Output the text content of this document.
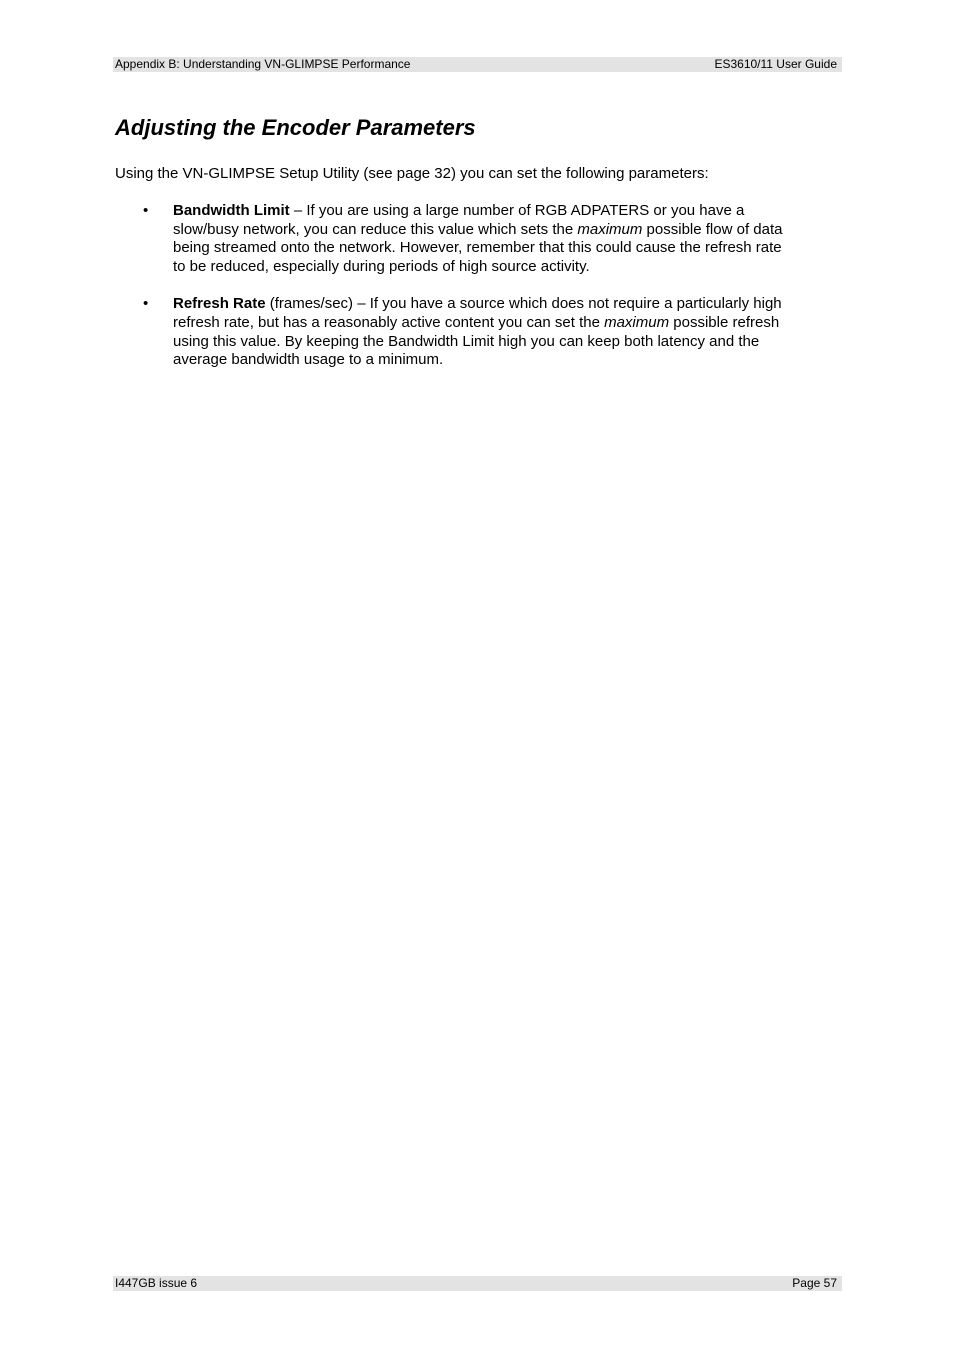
Appendix B: Understanding VN-GLIMPSE Performance	ES3610/11 User Guide
Adjusting the Encoder Parameters

Using the VN-GLIMPSE Setup Utility (see page 32) you can set the following parameters:

• Bandwidth Limit – If you are using a large number of RGB ADPATERS or you have a
slow/busy network, you can reduce this value which sets the maximum possible flow of data
being streamed onto the network. However, remember that this could cause the refresh rate
to be reduced, especially during periods of high source activity.
• Refresh Rate (frames/sec) – If you have a source which does not require a particularly high
refresh rate, but has a reasonably active content you can set the maximum possible refresh
using this value. By keeping the Bandwidth Limit high you can keep both latency and the
average bandwidth usage to a minimum.
I447GB issue 6	Page 57
